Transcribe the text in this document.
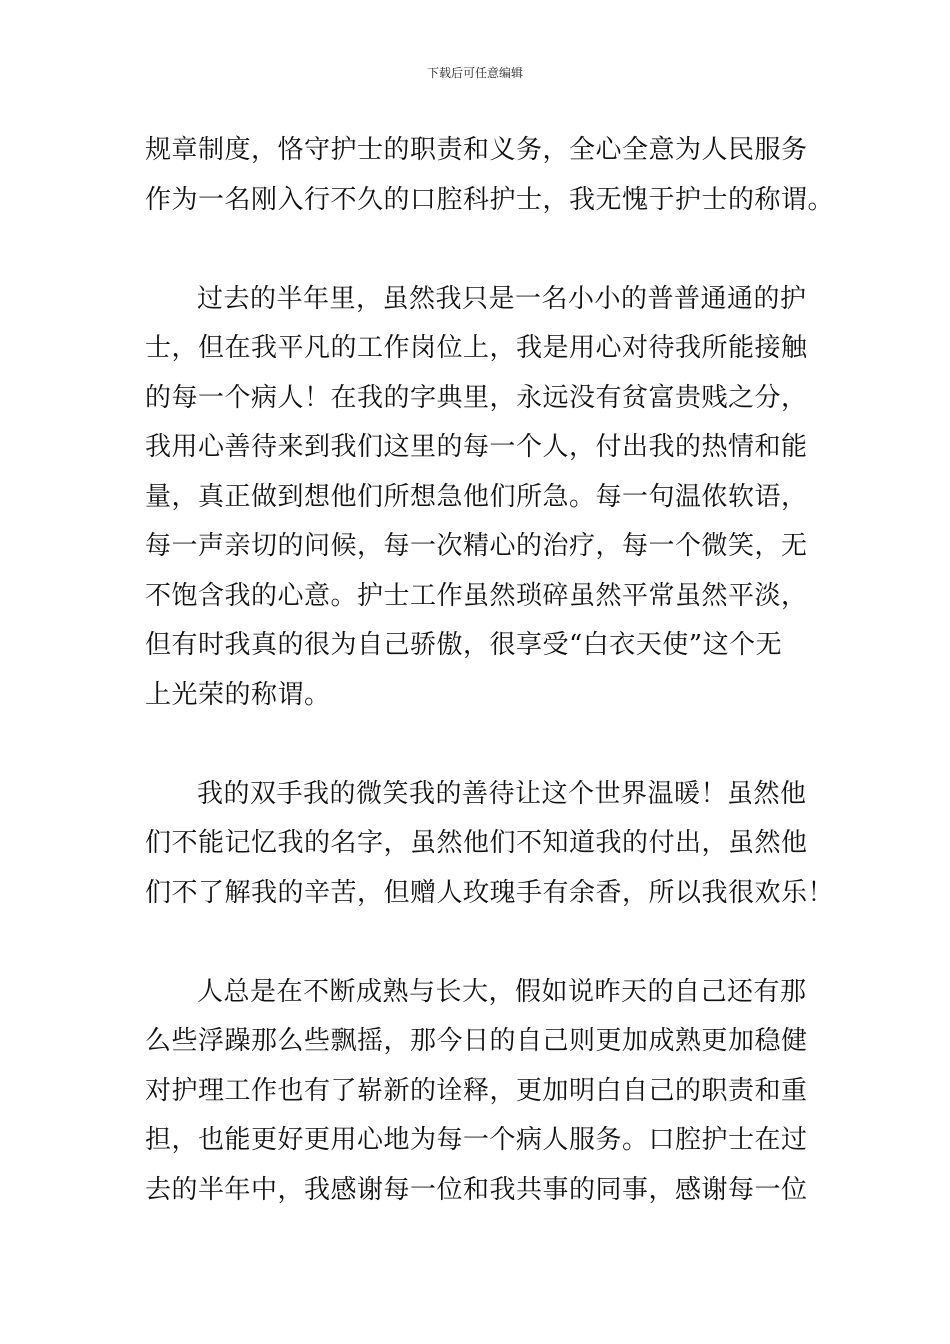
下载后可任意编辑
规章制度，恪守护士的职责和义务，全心全意为人民服务
作为一名刚入行不久的口腔科护士，我无愧于护士的称谓。
过去的半年里，虽然我只是一名小小的普普通通的护
士，但在我平凡的工作岗位上，我是用心对待我所能接触
的每一个病人！在我的字典里，永远没有贫富贵贱之分，
我用心善待来到我们这里的每一个人，付出我的热情和能
量，真正做到想他们所想急他们所急。每一句温侬软语，
每一声亲切的问候，每一次精心的治疗，每一个微笑，无
不饱含我的心意。护士工作虽然琐碎虽然平常虽然平淡，
但有时我真的很为自己骄傲，很享受“白衣天使”这个无
上光荣的称谓。
我的双手我的微笑我的善待让这个世界温暖！虽然他
们不能记忆我的名字，虽然他们不知道我的付出，虽然他
们不了解我的辛苦，但赠人玫瑰手有余香，所以我很欢乐！
人总是在不断成熟与长大，假如说昨天的自己还有那
么些浮躁那么些飘摇，那今日的自己则更加成熟更加稳健
对护理工作也有了崭新的诠释，更加明白自己的职责和重
担，也能更好更用心地为每一个病人服务。口腔护士在过
去的半年中，我感谢每一位和我共事的同事，感谢每一位
